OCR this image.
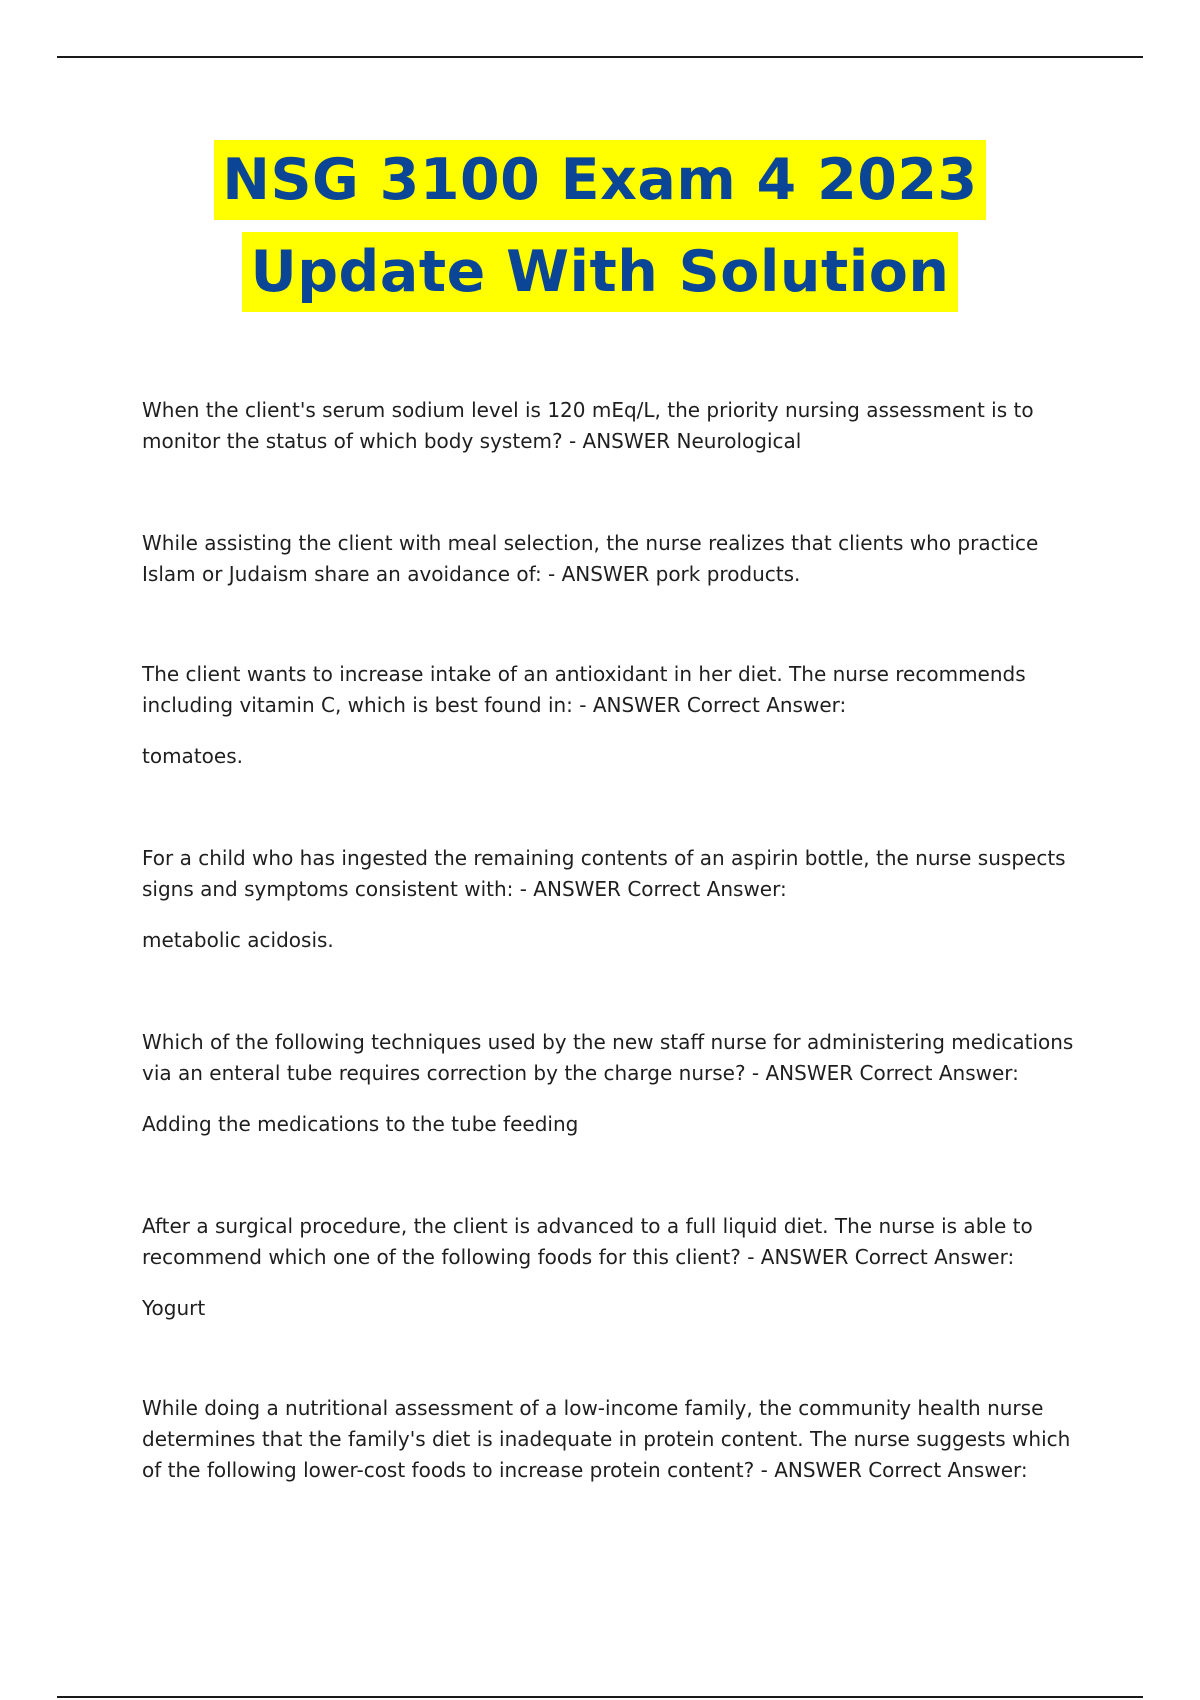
NSG 3100 Exam 4 2023
Update With Solution

When the client's serum sodium level is 120 mEq/L, the priority nursing assessment is to monitor the status of which body system? - ANSWER Neurological

While assisting the client with meal selection, the nurse realizes that clients who practice Islam or Judaism share an avoidance of: - ANSWER pork products.

The client wants to increase intake of an antioxidant in her diet. The nurse recommends including vitamin C, which is best found in: - ANSWER Correct Answer:

tomatoes.

For a child who has ingested the remaining contents of an aspirin bottle, the nurse suspects signs and symptoms consistent with: - ANSWER Correct Answer:

metabolic acidosis.

Which of the following techniques used by the new staff nurse for administering medications via an enteral tube requires correction by the charge nurse? - ANSWER Correct Answer:

Adding the medications to the tube feeding

After a surgical procedure, the client is advanced to a full liquid diet. The nurse is able to recommend which one of the following foods for this client? - ANSWER Correct Answer:

Yogurt

While doing a nutritional assessment of a low-income family, the community health nurse determines that the family's diet is inadequate in protein content. The nurse suggests which of the following lower-cost foods to increase protein content? - ANSWER Correct Answer:
